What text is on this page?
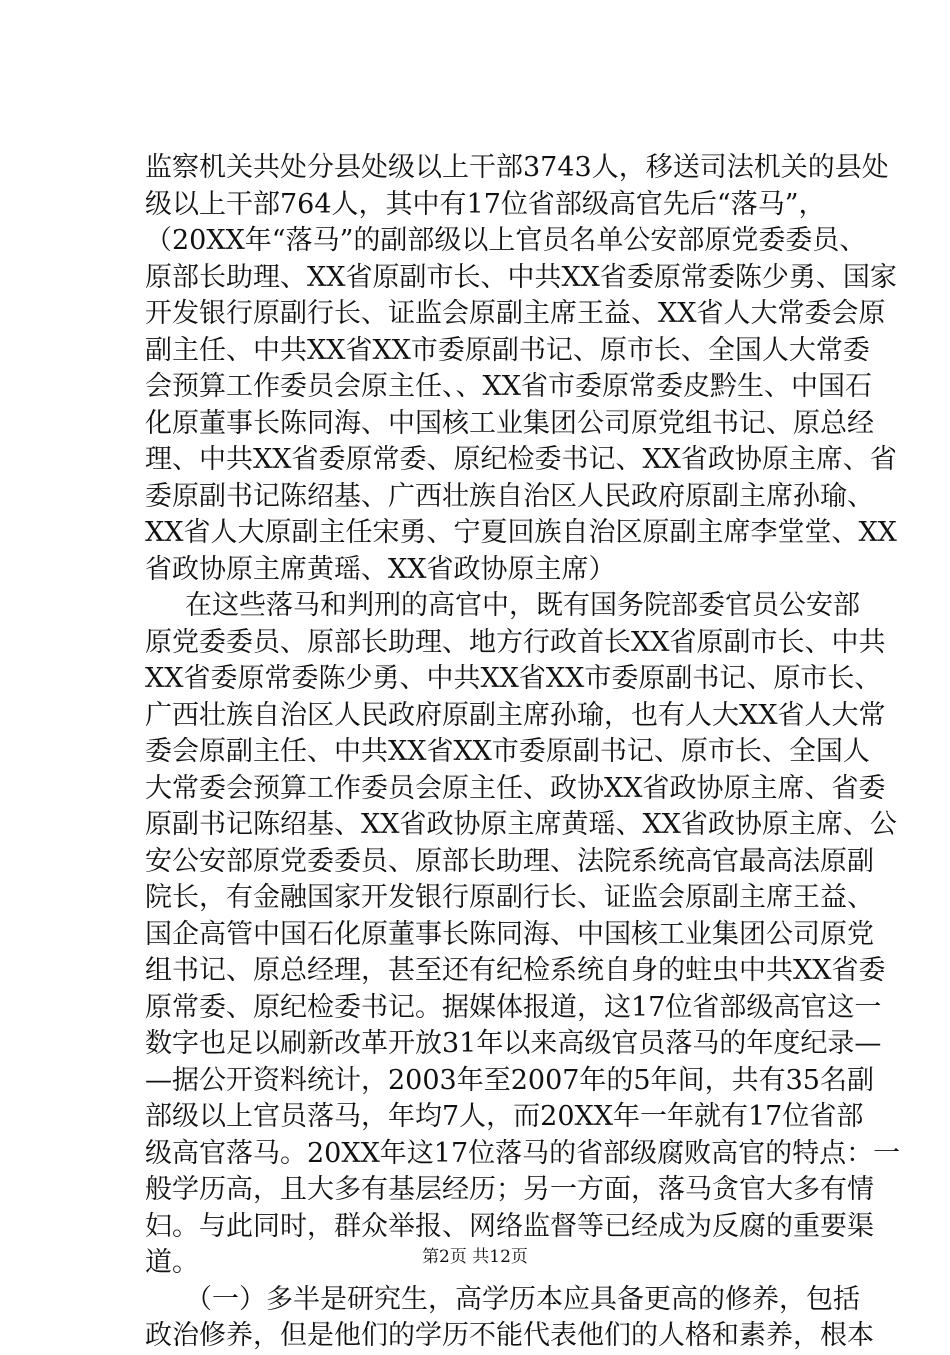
监察机关共处分县处级以上干部3743人，移送司法机关的县处
级以上干部764人，其中有17位省部级高官先后“落马”，
（20XX年“落马”的副部级以上官员名单公安部原党委委员、
原部长助理、XX省原副市长、中共XX省委原常委陈少勇、国家
开发银行原副行长、证监会原副主席王益、XX省人大常委会原
副主任、中共XX省XX市委原副书记、原市长、全国人大常委
会预算工作委员会原主任、、XX省市委原常委皮黔生、中国石
化原董事长陈同海、中国核工业集团公司原党组书记、原总经
理、中共XX省委原常委、原纪检委书记、XX省政协原主席、省
委原副书记陈绍基、广西壮族自治区人民政府原副主席孙瑜、
XX省人大原副主任宋勇、宁夏回族自治区原副主席李堂堂、XX
省政协原主席黄瑶、XX省政协原主席）
在这些落马和判刑的高官中，既有国务院部委官员公安部
原党委委员、原部长助理、地方行政首长XX省原副市长、中共
XX省委原常委陈少勇、中共XX省XX市委原副书记、原市长、
广西壮族自治区人民政府原副主席孙瑜，也有人大XX省人大常
委会原副主任、中共XX省XX市委原副书记、原市长、全国人
大常委会预算工作委员会原主任、政协XX省政协原主席、省委
原副书记陈绍基、XX省政协原主席黄瑶、XX省政协原主席、公
安公安部原党委委员、原部长助理、法院系统高官最高法原副
院长，有金融国家开发银行原副行长、证监会原副主席王益、
国企高管中国石化原董事长陈同海、中国核工业集团公司原党
组书记、原总经理，甚至还有纪检系统自身的蛀虫中共XX省委
原常委、原纪检委书记。据媒体报道，这17位省部级高官这一
数字也足以刷新改革开放31年以来高级官员落马的年度纪录—
—据公开资料统计，2003年至2007年的5年间，共有35名副
部级以上官员落马，年均7人，而20XX年一年就有17位省部
级高官落马。20XX年这17位落马的省部级腐败高官的特点：一
般学历高，且大多有基层经历；另一方面，落马贪官大多有情
妇。与此同时，群众举报、网络监督等已经成为反腐的重要渠
道。
（一）多半是研究生，高学历本应具备更高的修养，包括
政治修养，但是他们的学历不能代表他们的人格和素养，根本
第2页 共12页
